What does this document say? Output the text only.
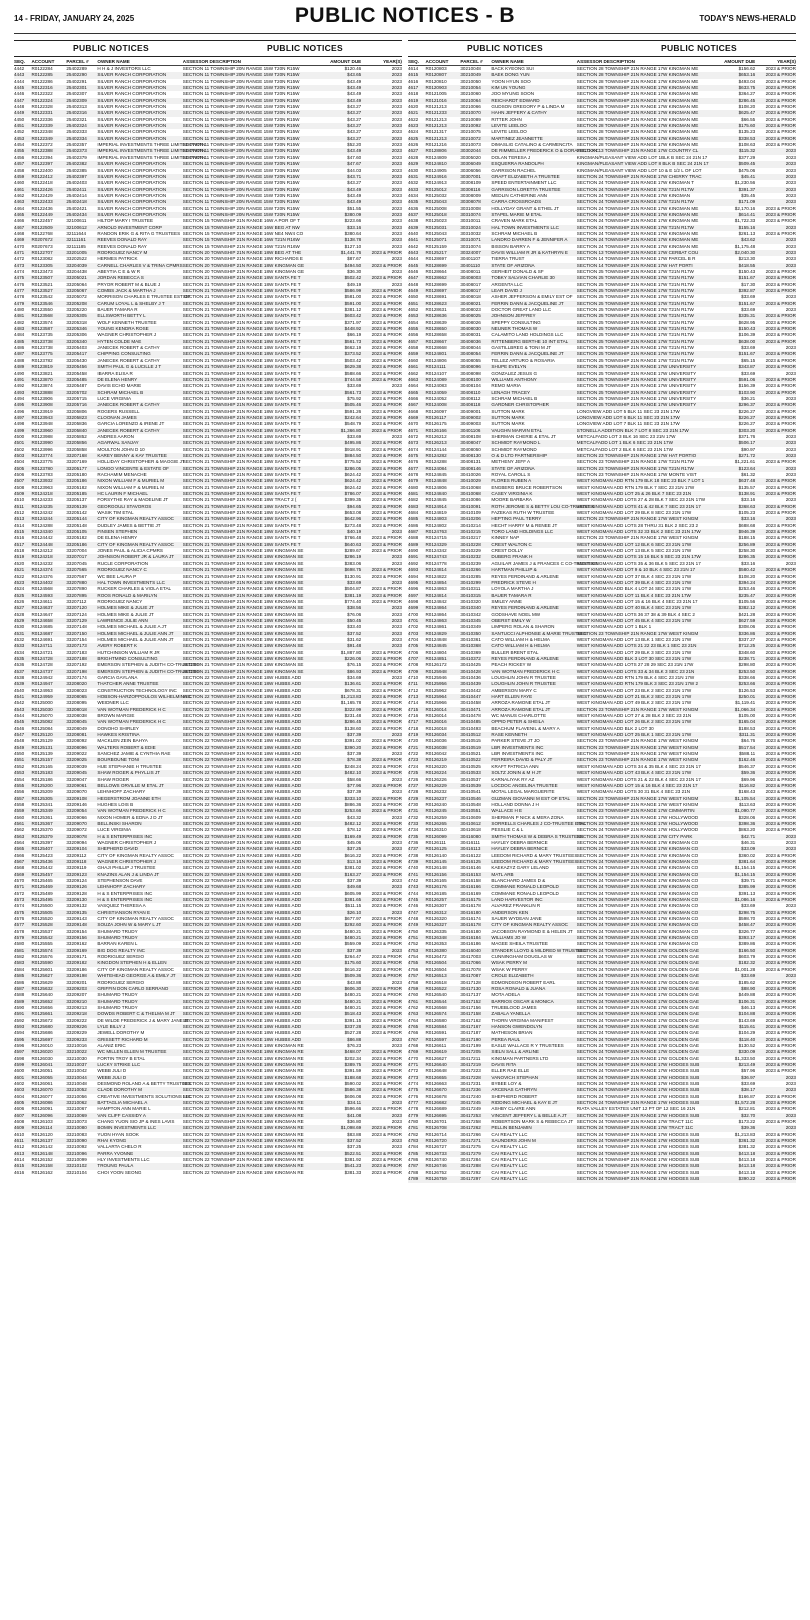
14 - FRIDAY, JANUARY 24, 2025	PUBLIC NOTICES - B	TODAY'S NEWS-HERALD
PUBLIC NOTICES	PUBLIC NOTICES
SEQ.	ACCOUNT	PARCEL #	OWNER NAME	ASSESSOR DESCRIPTION	AMOUNT DUE	YEAR(S)
4442	R0122284	25402289	H H & J INVESTORS LLC	SECTION 11 TOWNSHIP 20N RANGE 15W T20N R15W	$120.46	2023
4443	R0122285	25402290	SILVER RANCH CORPORATION	SECTION 11 TOWNSHIP 20N RANGE 15W T20N R15W	$43.65	2023
4444	R0122286	25402291	SILVER RANCH CORPORATION	SECTION 11 TOWNSHIP 20N RANGE 15W T20N R15W	$43.49	2023
4445	R0122316	25402301	SILVER RANCH CORPORATION	SECTION 11 TOWNSHIP 20N RANGE 15W T20N R15W	$43.49	2023
4446	R0122322	25402307	SILVER RANCH CORPORATION	SECTION 11 TOWNSHIP 20N RANGE 15W T20N R15W	$43.49	2023
4447	R0122324	25402309	SILVER RANCH CORPORATION	SECTION 11 TOWNSHIP 20N RANGE 15W T20N R15W	$43.49	2023
4448	R0122328	25402313	SILVER RANCH CORPORATION	SECTION 11 TOWNSHIP 20N RANGE 15W T20N R15W	$43.27	2023
4449	R0122331	25402316	SILVER RANCH CORPORATION	SECTION 11 TOWNSHIP 20N RANGE 15W T20N R15W	$43.27	2023
4450	R0122336	25402321	SILVER RANCH CORPORATION	SECTION 11 TOWNSHIP 20N RANGE 15W T20N R15W	$43.27	2023
4451	R0122339	25402324	SILVER RANCH CORPORATION	SECTION 11 TOWNSHIP 20N RANGE 15W T20N R15W	$43.27	2023
4452	R0122348	25402333	SILVER RANCH CORPORATION	SECTION 11 TOWNSHIP 20N RANGE 15W T20N R15W	$43.27	2023
4453	R0122349	25402334	SILVER RANCH CORPORATION	SECTION 11 TOWNSHIP 20N RANGE 15W T20N R15W	$43.27	2023
4454	R0122372	25402357	IMPERIAL INVESTMENTS THREE LIMITED PARTN
SECTION 11 TOWNSHIP 20N RANGE 15W T20N R15W	$52.20	2023
4455	R0122388	25402373	IMPERIAL INVESTMENTS THREE LIMITED PARTN
SECTION 11 TOWNSHIP 20N RANGE 15W T20N R15W	$43.49	2023
4456	R0122394	25402379	IMPERIAL INVESTMENTS THREE LIMITED PARTN
SECTION 11 TOWNSHIP 20N RANGE 15W T20N R15W	$47.60	2023
4457	R0122397	25402382	SILVER RANCH CORPORATION	SECTION 11 TOWNSHIP 20N RANGE 15W T20N R15W	$47.67	2023
4458	R0122400	25402385	SILVER RANCH CORPORATION	SECTION 11 TOWNSHIP 20N RANGE 15W T20N R15W	$44.03	2023
4459	R0122412	25402397	SILVER RANCH CORPORATION	SECTION 11 TOWNSHIP 20N RANGE 15W T20N R15W	$43.71	2023
4460	R0122418	25402403	SILVER RANCH CORPORATION	SECTION 11 TOWNSHIP 20N RANGE 15W T20N R15W	$43.27	2023
4461	R0122426	25402411	SILVER RANCH CORPORATION	SECTION 11 TOWNSHIP 20N RANGE 15W T20N R15W	$43.49	2023
4462	R0122429	25402414	SILVER RANCH CORPORATION	SECTION 11 TOWNSHIP 20N RANGE 15W T20N R15W	$43.49	2023
4463	R0122433	25402418	SILVER RANCH CORPORATION	SECTION 11 TOWNSHIP 20N RANGE 15W T20N R15W	$43.49	2023
4464	R0122436	25402421	SILVER RANCH CORPORATION	SECTION 11 TOWNSHIP 20N RANGE 15W T20N R15W	$51.55	2023
4465	R0122449	25402434	SILVER RANCH CORPORATION	SECTION 11 TOWNSHIP 20N RANGE 15W T20N R15W	$380.09	2023
4466	R0122457	32100611	HILTOP MARY I TRUSTEE	SECTION 15 TOWNSHIP 21N RANGE 16W A POR OF T	$223.66	2023
4467	R0122509	32100612	ARNOLD INVESTMENT CORP	SECTION 15 TOWNSHIP 21N RANGE 16W BEG AT NW	$33.16	2023
4468	R0122768	32111644	RANDON ERIK G & RITA G TRUSTEES SECTION 15 TOWNSHIP 21N RANGE 16W NE4 NW4 CO	$380.64	2023
4469	R0207672	32111161	REEVES DONALD RAY	SECTION 15 TOWNSHIP 21N RANGE 16W T21N R16W	$138.78	2023
4470	R0207673	32111185	REEVES DONALD RAY	SECTION 15 TOWNSHIP 21N RANGE 16W T21N R16W	$127.10	2023
4471	R0122707	33201005	RODRIGUEZ NANCY M	SECTION 20 TOWNSHIP 21N RANGE 18W BEG AT THE	$1,441.76	2023 & PRIOR
4472	R0123082	33202522	HERMES PATRICK	SECTION 20 TOWNSHIP 21N RANGE 18W RICHARDS E	$87.67	2023
4473	R0123305	33204039	CARNELL CHARLES V & TRINA CPMRS SECTION 20 TOWNSHIP 21N RANGE 18W KINGMAN GE	$494.50	2023 & PRIOR
4474	R0123473	33204438	ABEYTIA C E & W R	SECTION 20 TOWNSHIP 21N RANGE 18W KINGMAN GE	$36.30	2023
4475	R0123507	33205021	JORDAN REBECCA S	SECTION 21 TOWNSHIP 21N RANGE 18W SANTA FE T	$502.42	2023 & PRIOR
4476	R0123521	33205064	PRYOR ROBERT M & BLUE J	SECTION 21 TOWNSHIP 21N RANGE 18W SANTA FE T	$49.19	2023
4477	R0123527	33205067	COMBS JACK & MARTHA J	SECTION 21 TOWNSHIP 21N RANGE 18W SANTA FE T	$586.99	2023 & PRIOR
4478	R0123542	33205072	MORRISON CHARLES E TRUSTEE EST OF
SECTION 21 TOWNSHIP 21N RANGE 18W SANTA FE T	$581.00	2023 & PRIOR
4479	R0123546	33205208	CARUM LOYAL L & SHELBY J T	SECTION 21 TOWNSHIP 21N RANGE 18W SANTA FE T	$591.00	2023 & PRIOR
4480	R0123550	33205220	BAUER TAMARA R	SECTION 21 TOWNSHIP 21N RANGE 18W SANTA FE T	$381.12	2023 & PRIOR
4481	R0123568	33205305	ELLSWORTH BETTY L	SECTION 21 TOWNSHIP 21N RANGE 18W SANTA FE T	$603.42	2023 & PRIOR
4482	R0123574	33205318	WOLF KENNETH TRUSTEE	SECTION 21 TOWNSHIP 21N RANGE 18W SANTA FE T	$371.97	2023 & PRIOR
4483	R0123587	33205346	YOUNG KENDRA ROSE	SECTION 21 TOWNSHIP 21N RANGE 18W SANTA FE T	$448.92	2023 & PRIOR
4484	R0123735	33205306	WAGNER CHRISTOPHER J	SECTION 21 TOWNSHIP 21N RANGE 18W SANTA FE T	$66.19	2023 & PRIOR
4485	R0123738	33205340	HYTEN COLDE MAE	SECTION 21 TOWNSHIP 21N RANGE 18W SANTA FE T	$561.73	2023 & PRIOR
4486	R0123738	33205403	JANECEK ROBERT & CATHY	SECTION 21 TOWNSHIP 21N RANGE 18W SANTA FE T	$662.19	2023 & PRIOR
4487	R0123775	33205417	CHIPPING CONSULTING	SECTION 21 TOWNSHIP 21N RANGE 18W SANTA FE T	$373.52	2023 & PRIOR
4488	R0123782	33205430	JANECEK ROBERT & CATHY	SECTION 21 TOWNSHIP 21N RANGE 18W SANTA FE T	$503.42	2023 & PRIOR
4489	R0123819	33205456	SMITH PAUL G & LUCILLE J T	SECTION 21 TOWNSHIP 21N RANGE 18W SANTA FE T	$629.38	2023 & PRIOR
4490	R0123821	33205458	IBARRA ELISA R	SECTION 21 TOWNSHIP 21N RANGE 18W SANTA FE T	$588.66	2023 & PRIOR
4491	R0123870	33205485	DE ELENA HENRY	SECTION 21 TOWNSHIP 21N RANGE 18W SANTA FE T	$744.58	2023 & PRIOR
4492	R0123874	33205487	DAVIS ECHO MARIE	SECTION 21 TOWNSHIP 21N RANGE 18W SANTA FE T	$33.69	2023
4493	R0123888	33205702	SCHRAM MICHAEL B	SECTION 21 TOWNSHIP 21N RANGE 18W SANTA FE T	$561.73	2023 & PRIOR
4494	R0123906	33205715	LUCE VIRGINIA	SECTION 21 TOWNSHIP 21N RANGE 18W SANTA FE T	$75.92	2023 & PRIOR
4495	R0123908	33205716	JANECEK ROBERT & CATHY	SECTION 21 TOWNSHIP 21N RANGE 18W SANTA FE T	$505.46	2023 & PRIOR
4496	R0123919	33205806	ROGERS RUSSELL	SECTION 21 TOWNSHIP 21N RANGE 18W SANTA FE T	$591.26	2023 & PRIOR
4497	R0123943	33205823	CLOONAN JAMES	SECTION 21 TOWNSHIP 21N RANGE 18W SANTA FE T	$242.64	2023 & PRIOR
4498	R0123948	33205836	GARCIA LORENZO & IRENE JT	SECTION 21 TOWNSHIP 21N RANGE 18W SANTA FE T	$548.79	2023 & PRIOR
4499	R0123960	33205840	JANECEK ROBERT & CATHY	SECTION 21 TOWNSHIP 21N RANGE 18W SANTA FE T	$1,366.80	2023 & PRIOR
4500	R0123988	33205852	ANDRES AARON	SECTION 21 TOWNSHIP 21N RANGE 18W SANTA FE T	$33.69	2023
4501	R0123990	33205856	AGARWAL SANJAY	SECTION 21 TOWNSHIP 21N RANGE 18W SANTA FE T	$495.86	2023 & PRIOR
4502	R0123996	33205858	MOULTON JOHN D 10	SECTION 21 TOWNSHIP 21N RANGE 18W SANTA FE T	$918.91	2023 & PRIOR
4503	R0123774	33207168	KAREY BENNY & KAY TRUSTEE	SECTION 21 TOWNSHIP 21N RANGE 18W SANTA FE T	$884.50	2023 & PRIOR
4504	R0123775	33207169	HOLLIDAY CHRISTOPHER & MAGGIE JT
SECTION 21 TOWNSHIP 21N RANGE 18W SANTA FE T	$775.52	2023 & PRIOR
4505	R0123780	33205177	LONGO VINCENTE & ESTATE OF	SECTION 21 TOWNSHIP 21N RANGE 18W SANTA FE T	$286.05	2023 & PRIOR
4506	R0123783	33205180	RACHAMIM MENACHE	SECTION 21 TOWNSHIP 21N RANGE 18W SANTA FE T	$624.42	2023 & PRIOR
4507	R0123932	33205186	NIXON WILLIAM F & MURIEL M	SECTION 21 TOWNSHIP 21N RANGE 18W SANTA FE T	$624.42	2023 & PRIOR
4508	R0123963	33205182	NIXON WILLIAM F & MURIEL M	SECTION 21 TOWNSHIP 21N RANGE 18W SANTA FE T	$624.42	2023 & PRIOR
4509	R0124218	33205185	HC LAURIN F MICHAEL	SECTION 21 TOWNSHIP 21N RANGE 18W SANTA FE T	$786.07	2023 & PRIOR
4510	R0124233	33205137	FORSYTHE RAY & MADELINE JT	SECTION 21 TOWNSHIP 21N RANGE 18W TRACT 2 (	$399.35	2023 & PRIOR
4511	R0124235	33205139	GEORGOULI STAVOROS	SECTION 21 TOWNSHIP 21N RANGE 18W SANTA FE T	$94.65	2023 & PRIOR
4512	R0124242	33205142	WASIK TIM ETAL	SECTION 21 TOWNSHIP 21N RANGE 18W SANTA FE T	$653.08	2023 & PRIOR
4513	R0124244	33205144	CITY OF KINGMAN REALTY ASSOC	SECTION 21 TOWNSHIP 21N RANGE 18W SANTA FE T	$642.96	2023 & PRIOR
4514	R0124288	33205148	DUDLEY JAMES & BETTIE JT	SECTION 21 TOWNSHIP 21N RANGE 18W SANTA FE T	$273.48	2023 & PRIOR
4515	R0124340	33205105	FINSEN STEPHEN	SECTION 21 TOWNSHIP 21N RANGE 18W SANTA FE T	$40.19	2023
4516	R0124442	33205182	DE ELENA HENRY	SECTION 21 TOWNSHIP 21N RANGE 18W SANTA FE T	$766.48	2023 & PRIOR
4517	R0124448	33205186	CITY OF KINGMAN REALTY ASSOC	SECTION 21 TOWNSHIP 21N RANGE 18W SANTA FE T	$640.63	2023 & PRIOR
4518	R0124212	33207004	JONES PAUL & ALICIA CPMRS	SECTION 21 TOWNSHIP 21N RANGE 18W KINGMAN SE	$289.67	2023 & PRIOR
4519	R0124218	33207017	JOHNSON ROBERT JR & LAURA JT	SECTION 21 TOWNSHIP 21N RANGE 18W KINGMAN SE	$286.19	2023
4520	R0124232	33207045	RUCLE CORPORATION	SECTION 21 TOWNSHIP 21N RANGE 18W KINGMAN SE	$383.06	2023
4521	R0124374	33207565	RODRIGUEZ NANCY C	SECTION 21 TOWNSHIP 21N RANGE 18W KINGMAN SE	$698.75	2023 & PRIOR
4522	R0124376	33207567	WC BEE LAURA P	SECTION 21 TOWNSHIP 21N RANGE 18W KINGMAN SE	$130.91	2023 & PRIOR
4523	R0124402	33207880	HAL TOWN INVESTMENTS LLC	SECTION 21 TOWNSHIP 21N RANGE 18W KINGMAN SE	$33.69	2023
4524	R0124568	33207890	RUCKER CHARLES & VIOLA ETAL	SECTION 21 TOWNSHIP 21N RANGE 18W KINGMAN SE	$504.87	2023 & PRIOR
4525	R0124593	33207895	ROOS RONALD & MARILYN	SECTION 21 TOWNSHIP 21N RANGE 18W KINGMAN SE	$381.19	2023 & PRIOR
4526	R0124611	33207112	RODRIGUEZ NANCY	SECTION 21 TOWNSHIP 21N RANGE 18W KINGMAN SE	$774.40	2023 & PRIOR
4527	R0124637	33207120	HOLMES MIKE & JULIE JT	SECTION 21 TOWNSHIP 21N RANGE 18W KINGMAN SE	$38.56	2023
4528	R0124647	33207124	HOLMES MIKE & JULIE JT	SECTION 21 TOWNSHIP 21N RANGE 18W KINGMAN SE	$76.06	2023
4529	R0124658	33207129	LAWRENCE JULIE ANN	SECTION 21 TOWNSHIP 21N RANGE 18W KINGMAN SE	$50.45	2023
4530	R0124685	33207148	HOLMES MICHAEL & JULIE A JT	SECTION 21 TOWNSHIP 21N RANGE 18W KINGMAN SE	$33.40	2023
4531	R0124687	33207150	HOLMES MICHAEL & JULIE ANN JT	SECTION 21 TOWNSHIP 21N RANGE 18W KINGMAN SE	$37.52	2023
4532	R0124691	33207154	HOLMES MICHAEL & JULIE ANN JT	SECTION 21 TOWNSHIP 21N RANGE 18W KINGMAN SE	$31.62	2023
4533	R0124711	33207173	AVERY ROBERT K	SECTION 21 TOWNSHIP 21N RANGE 18W KINGMAN SE	$91.48	2023
4534	R0124721	33207183	HUTCHINSON WILLIAM R JR	SECTION 21 TOWNSHIP 21N RANGE 18W KINGMAN SE	$1,887.80	2023 & PRIOR
4535	R0124728	33207188	BRIGHTMIND CONSULTING	SECTION 21 TOWNSHIP 21N RANGE 18W KINGMAN SE	$226.06	2023 & PRIOR
4536	R0124728	33207192	EMERSON STEPHEN & JUDITH CO-TRUSTEES
SECTION 21 TOWNSHIP 21N RANGE 18W KINGMAN SE	$76.15	2023 & PRIOR
4537	R0124737	33207198	EMERSON STEPHEN & JUDITH CO-TRUSTEES
SECTION 21 TOWNSHIP 21N RANGE 18W KINGMAN SE	$86.93	2023 & PRIOR
4538	R0124942	33207174	GARCIA GAYLANA	SECTION 22 TOWNSHIP 21N RANGE 18W HUBBS ADD	$34.69	2023
4539	R0124947	33208020	THATCHER ANNE TRUSTEE	SECTION 22 TOWNSHIP 21N RANGE 18W HUBBS ADD	$136.61	2023 & PRIOR
4540	R0124953	33208023	CONSTRUCTION TECHNOLOGY INC	SECTION 22 TOWNSHIP 21N RANGE 18W HUBBS ADD	$678.31	2023 & PRIOR
4541	R0124959	33208065	HOBSON-HARZOPPOULOS WILHELMINA C
SECTION 22 TOWNSHIP 21N RANGE 18W HUBBS ADD	$1,213.83	2023 & PRIOR
4542	R0125000	33208095	WEIDNER LLC	SECTION 22 TOWNSHIP 21N RANGE 18W HUBBS ADD	$1,165.78	2023 & PRIOR
4543	R0125030	33208018	VAN WOTMAN FREDERICK H C	SECTION 22 TOWNSHIP 21N RANGE 18W HUBBS ADD	$322.99	2023 & PRIOR
4544	R0125070	33208038	BROWN MARGIE	SECTION 22 TOWNSHIP 21N RANGE 18W HUBBS ADD	$231.48	2023 & PRIOR
4545	R0125082	33208045	VAN WOTMAN FREDERICK H C	SECTION 22 TOWNSHIP 21N RANGE 18W HUBBS ADD	$286.45	2023 & PRIOR
4546	R0125084	33208049	DONOHO SHIRLEY	SECTION 22 TOWNSHIP 21N RANGE 18W HUBBS ADD	$138.60	2023 & PRIOR
4547	R0125120	33208081	HAWKES KRISTINA	SECTION 22 TOWNSHIP 21N RANGE 18W HUBBS ADD	$37.39	2023
4548	R0125129	33208092	MACKLEN ZEIN BAHYA	SECTION 22 TOWNSHIP 21N RANGE 18W HUBBS ADD	$391.02	2023 & PRIOR
4549	R0125131	33208096	WALTERS ROBERT & EDIE	SECTION 22 TOWNSHIP 21N RANGE 18W HUBBS ADD	$390.20	2023 & PRIOR
4550	R0125139	33209022	SANCHEZ JAMIE & CYNTHIA RAE	SECTION 22 TOWNSHIP 21N RANGE 18W HUBBS ADD	$37.39	2023
4551	R0125157	33209025	BOURBOUNE TONI	SECTION 22 TOWNSHIP 21N RANGE 18W HUBBS ADD	$78.38	2023 & PRIOR
4552	R0125165	33209039	HUE STEPHANIE H TRUSTEE	SECTION 22 TOWNSHIP 21N RANGE 18W HUBBS ADD	$248.24	2023 & PRIOR
4553	R0125183	33209045	SHAW ROGER & PHYLLIS JT	SECTION 22 TOWNSHIP 21N RANGE 18W HUBBS ADD	$482.10	2023 & PRIOR
4554	R0125186	33209047	SHAW ROGER	SECTION 22 TOWNSHIP 21N RANGE 18W HUBBS ADD	$58.66	2023
4555	R0125200	33209061	BELLOWS ORVILLE M ETAL JT	SECTION 22 TOWNSHIP 21N RANGE 18W HUBBS ADD	$77.96	2023 & PRIOR
4556	R0125209	33209070	LEHNHOFF ZACHARY	SECTION 22 TOWNSHIP 21N RANGE 18W HUBBS ADD	$37.39	2023
4557	R0125305	33209108	HEGERSTROM JOANNE ETH	SECTION 22 TOWNSHIP 21N RANGE 18W HUBBS ADD	$333.10	2023 & PRIOR
4558	R0125341	33209146	HUGHES LOIS B	SECTION 22 TOWNSHIP 21N RANGE 18W HUBBS ADD	$886.36	2023 & PRIOR
4559	R0125349	33209054	VAN WOTMAN FREDERICK H C	SECTION 22 TOWNSHIP 21N RANGE 18W HUBBS ADD	$253.66	2023 & PRIOR
4560	R0125361	33209066	NIXON HOMER & EDNA J D JT	SECTION 22 TOWNSHIP 21N RANGE 18W HUBBS ADD	$43.32	2023
4561	R0125367	33209070	BELLINSKI SHARON	SECTION 22 TOWNSHIP 21N RANGE 18W HUBBS ADD	$482.12	2023 & PRIOR
4562	R0125370	33209072	LUCE VIRGINIA	SECTION 22 TOWNSHIP 21N RANGE 18W HUBBS ADD	$78.12	2023 & PRIOR
4563	R0125379	33209078	H & S ENTERPRISES INC	SECTION 22 TOWNSHIP 21N RANGE 18W HUBBS ADD	$169.49	2023 & PRIOR
4564	R0125397	33209094	WAGNER CHRISTOPHER J	SECTION 22 TOWNSHIP 21N RANGE 18W HUBBS ADD	$45.06	2023
4565	R0125407	33209104	SHEPHERD DAVID	SECTION 22 TOWNSHIP 21N RANGE 18W HUBBS ADD	$37.25	2023
4566	R0125423	33209112	CITY OF KINGMAN REALTY ASSOC	SECTION 22 TOWNSHIP 21N RANGE 18W HUBBS ADD	$616.22	2023 & PRIOR
4567	R0125436	33209118	WAGNER CHRISTOPHER J	SECTION 22 TOWNSHIP 21N RANGE 18W HUBBS ADD	$13.16	2023 & PRIOR
4568	R0125442	33209119	GHAJI PHILLIP J TRUSTEE	SECTION 22 TOWNSHIP 21N RANGE 18W HUBBS ADD	$381.02	2023 & PRIOR
4569	R0125457	33209123	KNAZINS ALAN J & LINDA JT	SECTION 22 TOWNSHIP 21N RANGE 18W HUBBS ADD	$163.27	2023 & PRIOR
4570	R0125465	33209124	STEPHENSON DAVE	SECTION 22 TOWNSHIP 21N RANGE 18W HUBBS ADD	$37.39	2023
4571	R0125469	33209126	LEHNHOFF ZACHARY	SECTION 22 TOWNSHIP 21N RANGE 18W HUBBS ADD	$49.68	2023
4572	R0125489	33209128	H & S ENTERPRISES INC	SECTION 22 TOWNSHIP 21N RANGE 18W HUBBS ADD	$605.99	2023 & PRIOR
4573	R0125495	33209130	H & S ENTERPRISES INC	SECTION 22 TOWNSHIP 21N RANGE 18W HUBBS ADD	$381.65	2023 & PRIOR
4574	R0125500	33209132	VASQUEZ THERESA A	SECTION 22 TOWNSHIP 21N RANGE 18W HUBBS ADD	$511.15	2023 & PRIOR
4575	R0125505	33209135	CHRISTIANSON RYAN E	SECTION 22 TOWNSHIP 21N RANGE 18W HUBBS ADD	$26.10	2023
4576	R0125520	33209143	CITY OF KINGMAN REALTY ASSOC	SECTION 22 TOWNSHIP 21N RANGE 18W HUBBS ADD	$677.97	2023 & PRIOR
4577	R0125528	33209148	SOUZA JOHN W & MARY L JT	SECTION 22 TOWNSHIP 21N RANGE 18W HUBBS ADD	$292.60	2023 & PRIOR
4578	R0125537	33209154	SHUMARD TRUDY	SECTION 22 TOWNSHIP 21N RANGE 18W HUBBS ADD	$480.21	2023 & PRIOR
4579	R0125542	33209156	SHUMARD TRUDY	SECTION 22 TOWNSHIP 21N RANGE 18W HUBBS ADD	$480.21	2023 & PRIOR
4580	R0125555	33209162	BARRAN KAREN L	SECTION 22 TOWNSHIP 21N RANGE 18W HUBBS ADD	$559.09	2023 & PRIOR
4581	R0125574	33209169	BIG DOG REALTY INC	SECTION 22 TOWNSHIP 21N RANGE 18W HUBBS ADD	$37.39	2023
4582	R0125576	33209171	RODRIGUEZ SERGIO	SECTION 22 TOWNSHIP 21N RANGE 18W HUBBS ADD	$264.47	2023 & PRIOR
4583	R0125590	33209182	KINGDON STEPHEN H & ELLEN	SECTION 22 TOWNSHIP 21N RANGE 18W HUBBS ADD	$175.60	2023 & PRIOR
4584	R0125601	33209186	CITY OF KINGMAN REALTY ASSOC	SECTION 22 TOWNSHIP 21N RANGE 18W HUBBS ADD	$616.22	2023 & PRIOR
4585	R0125627	33209198	WHITEHEAD GEORGE A & EMILY JT	SECTION 22 TOWNSHIP 21N RANGE 18W HUBBS ADD	$509.36	2023 & PRIOR
4586	R0125629	33209201	RODRIGUEZ SERGIO	SECTION 22 TOWNSHIP 21N RANGE 18W HUBBS ADD	$43.88	2023
4587	R0125632	33209203	GRIFFIN DON CARLO SERRANO	SECTION 22 TOWNSHIP 21N RANGE 18W HUBBS ADD	$606.30	2023 & PRIOR
4588	R0125640	33209207	SHUMARD TRUDY	SECTION 22 TOWNSHIP 21N RANGE 18W HUBBS ADD	$480.21	2023 & PRIOR
4589	R0125652	33209210	SHUMARD TRUDY	SECTION 22 TOWNSHIP 21N RANGE 18W HUBBS ADD	$480.21	2023 & PRIOR
4590	R0125656	33209213	SHUMARD TRUDY	SECTION 22 TOWNSHIP 21N RANGE 18W HUBBS ADD	$480.21	2023 & PRIOR
4591	R0125661	33209218	DOWDS ROBERT C & THELMA M JT	SECTION 22 TOWNSHIP 21N RANGE 18W HUBBS ADD	$518.43	2023 & PRIOR
4592	R0125672	33209222	DE WILDE FREDERICK J & MARY JANE JT
SECTION 22 TOWNSHIP 21N RANGE 18W HUBBS ADD	$391.15	2023 & PRIOR
4593	R0125680	33209226	LYLE BILLY J	SECTION 22 TOWNSHIP 21N RANGE 18W HUBBS ADD	$337.28	2023 & PRIOR
4594	R0125686	33209229	JEWELL DOROTHY M	SECTION 22 TOWNSHIP 21N RANGE 18W HUBBS ADD	$527.28	2023 & PRIOR
4595	R0125697	33209233	GRISSETT RICHARD M	SECTION 22 TOWNSHIP 21N RANGE 18W HUBBS ADD	$86.88	2023
4596	R0126010	33210016	ALANIZ ERIC	SECTION 22 TOWNSHIP 21N RANGE 18W KINGMAN RE	$76.23	2023
4597	R0126020	33210022	WC MILLEN ELLEN M TRUSTEE	SECTION 22 TOWNSHIP 21N RANGE 18W KINGMAN RE	$468.07	2023 & PRIOR
4598	R0126030	33210030	FORTIN TROY B ETAL	SECTION 22 TOWNSHIP 21N RANGE 18W KINGMAN RE	$202.34	2023 & PRIOR
4599	R0126041	33210037	LUCKY STRIKE LLC	SECTION 22 TOWNSHIP 21N RANGE 18W KINGMAN RE	$389.75	2023 & PRIOR
4600	R0126051	33210042	WEBB JULI D	SECTION 22 TOWNSHIP 21N RANGE 18W KINGMAN RE	$391.59	2023 & PRIOR
4601	R0126055	33210044	WEBB JULI D	SECTION 22 TOWNSHIP 21N RANGE 18W KINGMAN RE	$188.68	2023 & PRIOR
4602	R0126061	33210048	DESMOND ROLAND A & BETTY TRUSTEES
SECTION 22 TOWNSHIP 21N RANGE 18W KINGMAN RE	$590.02	2023 & PRIOR
4603	R0126070	33210052	CLADE DOROTHY M	SECTION 22 TOWNSHIP 21N RANGE 18W KINGMAN RE	$586.38	2023 & PRIOR
4604	R0126077	33210056	CREATIVE INVESTMENTS SOLUTIONS LLC
SECTION 22 TOWNSHIP 21N RANGE 18W KINGMAN RE	$606.08	2023 & PRIOR
4605	R0126086	33210062	BATTAGLIA MICHAEL A	SECTION 22 TOWNSHIP 21N RANGE 18W KINGMAN RE	$34.11	2023
4606	R0126091	33210067	HAMPTON ANN MARIE L	SECTION 22 TOWNSHIP 21N RANGE 18W KINGMAN RE	$596.66	2023 & PRIOR
4607	R0126096	33210069	VAN CLIFF CASSIDY A	SECTION 22 TOWNSHIP 21N RANGE 18W KINGMAN RE	$41.08	2023
4608	R0126103	33210073	CHANG YUON SIO JP & INES LAVIS	SECTION 22 TOWNSHIP 21N RANGE 18W KINGMAN RE	$36.80	2023
4609	R0126114	33210080	BOMIN INVESTMENTS LLC	SECTION 22 TOWNSHIP 21N RANGE 18W KINGMAN RE	$1,098.69	2023 & PRIOR
4610	R0126120	33210083	YUON HYAN SOOK	SECTION 22 TOWNSHIP 21N RANGE 18W KINGMAN RE	$83.88	2023 & PRIOR
4611	R0126137	33210090	RHAI KYONG	SECTION 22 TOWNSHIP 21N RANGE 18W KINGMAN RE	$37.52	2023
4612	R0126142	33210092	VALLARTA CHELO R	SECTION 22 TOWNSHIP 21N RANGE 18W KINGMAN RE	$37.25	2023
4613	R0126148	33210096	PARRA YVONNE	SECTION 22 TOWNSHIP 21N RANGE 18W KINGMAN RE	$522.51	2023 & PRIOR
4614	R0126152	33210099	HLY INVESTMENTS LLC	SECTION 22 TOWNSHIP 21N RANGE 18W KINGMAN RE	$381.92	2023 & PRIOR
4615	R0126158	33210102	TROUNG PAULA	SECTION 22 TOWNSHIP 21N RANGE 18W KINGMAN RE	$541.23	2023 & PRIOR
4616	R0126162	33210104	CHOI YOON SEONG	SECTION 22 TOWNSHIP 21N RANGE 18W KINGMAN RE	$381.33	2023 & PRIOR
PUBLIC NOTICES	PUBLIC NOTICES
SEQ.	ACCOUNT	PARCEL #	OWNER NAME	ASSESSOR DESCRIPTION	AMOUNT DUE	YEAR(S)
4614	R0120803	30210048	BACK KYEONG SUI	SECTION 28 TOWNSHIP 21N RANGE 17W KINGMAN ME	$156.62	2023 & PRIOR
4615	R0120807	30210049	BAEK DONG YUN	SECTION 28 TOWNSHIP 21N RANGE 17W KINGMAN ME	$653.16	2023 & PRIOR
4616	R0120810	30210050	YOON HYUN SOO	SECTION 28 TOWNSHIP 21N RANGE 17W KINGMAN ME	$493.04	2023 & PRIOR
4617	R0120903	30210054	KIM UN YOUNG	SECTION 28 TOWNSHIP 21N RANGE 17W KINGMAN ME	$633.75	2023 & PRIOR
4618	R0121005	30210060	JOO MYUNG SOON	SECTION 28 TOWNSHIP 21N RANGE 17W KINGMAN ME	$364.27	2023 & PRIOR
4619	R0121016	30210064	REICHARDT EDWARD	SECTION 28 TOWNSHIP 21N RANGE 17W KINGMAN ME	$286.45	2023 & PRIOR
4620	R0121213	30210066	GUDSON GREGORY P & LINDA M	SECTION 28 TOWNSHIP 21N RANGE 17W KINGMAN ME	$108.20	2023 & PRIOR
4621	R0121233	30210070	HAHN JEFFERY & CATHY	SECTION 28 TOWNSHIP 21N RANGE 17W KINGMAN ME	$625.47	2023 & PRIOR
4622	R0121213	30210089	RITTER JOHN	SECTION 28 TOWNSHIP 21N RANGE 17W KINGMAN ME	$66.55	2023 & PRIOR
4623	R0121213	30210092	LEVITE LEELOO	SECTION 28 TOWNSHIP 21N RANGE 17W KINGMAN ME	$175.60	2023 & PRIOR
4624	R0121317	30210075	LEVITE LEELOO	SECTION 28 TOWNSHIP 21N RANGE 17W KINGMAN ME	$135.23	2023 & PRIOR
4625	R0121213	30210072	MARTINEZ JEANNETTE	SECTION 28 TOWNSHIP 21N RANGE 17W KINGMAN ME	$338.53	2023 & PRIOR
4626	R0121216	30210073	DIMASLIG CATALINO & CARMENCITA SECTION 28 TOWNSHIP 21N RANGE 17W KINGMAN ME	$108.63	2023 & PRIOR
4627	R0128806	30302044	DE RIMMELLER FREDERICK O & DORAFIELD A C
SECTION 13 TOWNSHIP 21N RANGE 17W COUNTRY CL	$115.32	2023
4628	R0124809	30305020	DOLAN TERESA J	KINGMAN/PLEASANT VIEW ADD LOT 1BLK B SEC 24 21N 17	$377.29	2023
4629	R0124810	30306049	ESQUERRA RANDOLPH	KINGMAN/PLEASANT VIEW ADD LOT 8 BLK B SEC 24 21N 17	$509.45	2023
4630	R0124905	30306056	GARRISON RACHEL	KINGMAN/PLEASANT VIEW ADD LOT 10 & E 1/2 L OF LOT	$475.06	2023
4631	R0124916	30307001	GRAFT ELIZABETH A TRUSTEE	SECTION 24 TOWNSHIP 21N RANGE 17W CHERRY TRAC	$45.41	2023
4632	R0124913	30308109	SPEED ENTERTAINMENT LLC	SECTION 24 TOWNSHIP 21N RANGE 17W KINGMAN T	$1,230.56	2023
4633	R0125012	30308116	GARRISON LORETTA TRUSTEE	SECTION 24 TOWNSHIP 21N RANGE 17W T21N R17W	$391.37	2023
4634	R0125032	30308009	MEDLIN CATHERINE ANN	SECTION 24 TOWNSHIP 21N RANGE 17W KINGMAN	$35.45	2023
4635	R0125043	30308078	CARRA CROSSROADS	SECTION 24 TOWNSHIP 21N RANGE 17W T21N R17W	$171.09	2023
4636	R0125008	30310008	HOLLYDAY GRANT & ETHEL JT	SECTION 24 TOWNSHIP 21N RANGE 17W KINGMAN ME	$2,170.16	2023 & PRIOR
4637	R0125018	30310074	STAPEL MARIE M ETAL	SECTION 24 TOWNSHIP 21N RANGE 17W KINGMAN ME	$614.41	2023 & PRIOR
4638	R0125023	30310011	CRAVEN MARK ETAL	SECTION 24 TOWNSHIP 21N RANGE 17W KINGMAN ME	$1,722.33	2023 & PRIOR
4639	R0125031	30310024	HAL TOWN INVESTMENTS LLC	SECTION 24 TOWNSHIP 21N RANGE 17W T21N R17W	$155.16	2023
4640	R0125043	30310032	SCHRAM MICHAEL B	SECTION 24 TOWNSHIP 21N RANGE 17W KINGMAN ME	$261.13	2023 & PRIOR
4641	R0125071	30310071	LANDRO DARREN F & JENNIFER A	SECTION 24 TOWNSHIP 21N RANGE 17W KINGMAN ME	$43.62	2023
4642	R0125159	30310074	BISSON BARRY A	SECTION 24 TOWNSHIP 21N RANGE 17W KINGMAN ME	$1,175.48	2023
4643	R0125217	30324007	DAVIS WILLIAM R JR & KATHRYN E	SECTION 13 TOWNSHIP 21N RANGE 17W CERBAT COU	$2,040.30	2023
4644	R0128697	30401107	TIERRA TRUST	SECTION 14 TOWNSHIP 21N RANGE 17W PARCEL B R	$213.30	2023
4645	R0128699	30401110	STATE OF ARIZONA	SECTION 14 TOWNSHIP 21N RANGE 17W HAT PORTI	$418.55	2023
4646	R0128664	30408011	GERHEIT DONALD & SF	SECTION 25 TOWNSHIP 21N RANGE 17W T21N R17W	$150.43	2023 & PRIOR
4647	R0128662	30408003	TOBKY SALVIAN CHARLIE 30	SECTION 25 TOWNSHIP 21N RANGE 17W T21N R17W	$151.67	2023 & PRIOR
4648	R0128699	30408017	ARGENTA LLC	SECTION 25 TOWNSHIP 21N RANGE 17W T21N R17W	$17.30	2023 & PRIOR
4649	R0128697	30408017	LEAR DAVID J	SECTION 25 TOWNSHIP 21N RANGE 17W T21N R17W	$392.87	2023 & PRIOR
4650	R0128691	30408018	ASHER JEFFERSON & EMILY EST OF SECTION 25 TOWNSHIP 21N RANGE 17W T21N R17W	$33.69	2023
4651	R0128623	30408021	FERRIN DANN & JACQUELINE JT	SECTION 25 TOWNSHIP 21N RANGE 17W T21N R17W	$151.67	2023 & PRIOR
4652	R0128631	30408023	DOCTOR GREAT LAND LLC	SECTION 25 TOWNSHIP 21N RANGE 17W T21N R17W	$33.69	2023
4653	R0128636	30408025	JOHNSON JEFFREY	SECTION 25 TOWNSHIP 21N RANGE 17W T21N R17W	$335.31	2023 & PRIOR
4654	R0128639	30408026	SPEPPY CONSULTING	SECTION 25 TOWNSHIP 21N RANGE 17W T21N R17W	$628.95	2023 & PRIOR
4655	R0128650	30408030	NEUNER THOMAS W	SECTION 25 TOWNSHIP 21N RANGE 17W T21N R17W	$150.43	2023 & PRIOR
4656	R0128658	30408031	CALAMITO LAND HOLDINGS LLC	SECTION 25 TOWNSHIP 21N RANGE 17W T21N R17W	$106.39	2023 & PRIOR
4657	R0128667	30408036	RITTENBERG BERTHE 10 INT ETAL	SECTION 25 TOWNSHIP 21N RANGE 17W T21N R17W	$638.00	2023 & PRIOR
4658	R0128668	30408044	GASTILLBREG & TONI M JT	SECTION 25 TOWNSHIP 21N RANGE 17W T21N R17W	$33.69	2023
4659	R0124801	30408054	FERRIN DANN & JACQUELINE JT	SECTION 25 TOWNSHIP 21N RANGE 17W T21N R17W	$151.67	2023 & PRIOR
4660	R0124806	30408055	TELLEZ ARTURO & ROSARIA	SECTION 25 TOWNSHIP 21N RANGE 17W T21N R17W	$65.15	2023 & PRIOR
4661	R0124111	30408096	SHUPE EVELYN	SECTION 25 TOWNSHIP 21N RANGE 17W UNIVERSITY	$343.87	2023 & PRIOR
4662	R0124107	30408098	GONZALEZ JESUS G	SECTION 25 TOWNSHIP 21N RANGE 17W UNIVERSITY	$33.69	2023
4663	R0124089	30408100	WILLIAMS ANTHONY	SECTION 25 TOWNSHIP 21N RANGE 17W UNIVERSITY	$591.06	2023 & PRIOR
4664	R0124083	30408104	REMO MARIA	SECTION 25 TOWNSHIP 21N RANGE 17W UNIVERSITY	$156.39	2023 & PRIOR
4665	R0124059	30408110	LENAGH TRACEY	SECTION 25 TOWNSHIP 21N RANGE 17W UNIVERSITY	$103.90	2023 & PRIOR
4666	R0124052	30408112	SCHRAM MICHAEL B	SECTION 25 TOWNSHIP 21N RANGE 17W UNIVERSITY	$36.21	2023
4667	R0124008	30408118	GARDNER CHRISTOPHER	SECTION 25 TOWNSHIP 21N RANGE 17W UNIVERSITY	$296.37	2023 & PRIOR
4668	R0126097	30409001	SUTTON MARK	LONGVIEW ADD LOT 5 BLK 11 SEC 23 21N 17W	$226.27	2023 & PRIOR
4669	R0126117	30409002	SUTTON MARK	LONGVIEW ADD LOT 6 BLK 11 SEC 23 21N 17W	$226.27	2023 & PRIOR
4670	R0126175	30409003	SUTTON MARK	LONGVIEW ADD LOT 7 BLK 11 SEC 23 21N 17W	$226.27	2023 & PRIOR
4671	R0126166	30401106	VAUGHN MARVIN ETAL	STONELLA ADDITION BLK 7 LOT 8 SEC 23 21N 17W	$303.20	2023 & PRIOR
4672	R0126212	30408108	SHERMAN CHERIE & ETAL JT	METCALFADD LOT 3 BLK 16 SEC 23 21N 17W	$371.76	2023
4673	R0126213	30408047	SCHMIDT RAYMOND L	METCALFADD LOT 1 BLK 6 SEC 23 21N 17W	$506.17	2023
4674	R0124144	30408050	SCHMIDT RAYMOND	METCALFADD LOT 2 BLK 6 SEC 23 21N 17W	$90.97	2023
4675	R0124282	30408130	O & D LTD PARTNERSHIP	SECTION 23 TOWNSHIP 21N RANGE 17W HAT PORTIO	$271.72	2023
4676	R0124288	30408131	METHENY JEFF A	SECTION 23 TOWNSHIP 21N RANGE 17W T21N R17W	$1,221.61	2023 & PRIOR
4677	R0124084	30408146	STATE OF ARIZONA	SECTION 23 TOWNSHIP 21N RANGE 17W T21N R17W	$123.64	2023
4678	R0124845	30410026	ROYAL CAROLL S	SECTION 23 TOWNSHIP 21N RANGE 17W MONTE VIST	$61.32	2023
4679	R0124848	30410029	FLORES RUBEN A	WEST KINGMAN ADD RTN 179 BLK 18 SEC 23 BLK 7 LOT 1	$637.48	2023 & PRIOR
4680	R0124806	30410068	ENGBERG BRUCE ROBERTSON	WEST KINGMAN ADD RTN 179 BLK 7 SEC 23 21N 17W	$135.57	2023 & PRIOR
4681	R0124840	30410068	CASEY VIRGINIA K	WEST KINGMAN ADD LOT 25 & 26 BLK 7 SEC 23 21N	$138.91	2023 & PRIOR
4682	R0124845	30410086	MOORE BARBARA	WEST KINGMAN ADD LOTS 27 & 28 BLK 7 SEC 23 21N 17W	$33.16	2023
4683	R0124914	30410091	ROTH JEROME S & BETTY LOU CO-TRUSTEES
WEST KINGMAN ADD LOTS 41 & 42 BLK 7 SEC 23 21N 17	$368.63	2023 & PRIOR
4684	R0124819	30410109	FAZEKAS RUTH W TRUSTEE	WEST KINGMAN ADD LOT 29 BLK 8 SEC 23 21N 17W	$105.23	2023 & PRIOR
4685	R0124803	30410206	HEPTING PAUL TERRY	SECTION 23 TOWNSHIP 21N RANGE 17W WEST KINGM	$33.16	2023
4686	R0124802	30410214	HECHT HARRY M & RENEE JT	WEST KINGMAN ADD LOTS 28 THRU 31 BLK 2 SEC 23 2	$688.68	2023 & PRIOR
4687	R0124763	30410215	TORO LAND HOLDINGS LLC	WEST KINGMAN ADD LOTS 32 33 BLK 2 SEC 23 21N 17W	$946.39	2023 & PRIOR
4688	R0124715	30410217	KINNEY NAP	SECTION 23 TOWNSHIP 21N RANGE 17W WEST KINGM	$188.15	2023 & PRIOR
4689	R0124329	30410228	CREST WALTON C	WEST KINGMAN ADD LOT 12 BLK 6 SEC 23 21N 17W	$256.89	2023 & PRIOR
4690	R0124342	30410229	CREST DOLLY	WEST KINGMAN ADD LOT 13 BLK 5 SEC 23 21N 17W	$258.30	2023 & PRIOR
4691	R0124743	30410232	DUBERG FRANK H	WEST KINGMAN ADD LOTS 15 16 BLK 5 SEC 23 21N 17W	$286.35	2023 & PRIOR
4692	R0124778	30410239	AGUILAR JAMES J & FRANCES C CO-TRUSTEES
WEST KINGMAN ADD LOTS 35 & 36 BLK 5 SEC 23 21N 17	$33.16	2023
4693	R0124814	30410266	HARTMAN PHILLIP &	WEST KINGMAN ADD LOT 9 & 10 BLK 4 SEC 23 21N 17	$580.42	2023 & PRIOR
4694	R0124822	30410285	REYES FERDINAND & ARLENE	WEST KINGMAN ADD LOT 37 BLK 4 SEC 23 21N 17W	$108.20	2023 & PRIOR
4695	R0124854	30410299	FREDRICK STEVE H	WEST KINGMAN ADD LOT 39 BLK 4 SEC 23 21N 17W	$394.24	2023 & PRIOR
4696	R0124863	30410311	LOYOLA MARTHA J	WEST KINGMAN ADD BLK 4 LOT 24 SEC 23 21N 17W	$253.46	2023 & PRIOR
4697	R0124814	30410315	BAUER TAMARA R	WEST KINGMAN ADD LOT 11 BLK 4 SEC 23 21N 17W	$235.47	2023 & PRIOR
4698	R0124842	30410320	SMILEY ANNE	WEST KINGMAN ADD LOT 15 & 16 BLK 4 SEC 23 21N 17	$105.56	2023 & PRIOR
4699	R0124864	30410340	REYES FERDINAND & ARLENE	WEST KINGMAN ADD LOT 40 BLK 4 SEC 23 21N 17W	$382.12	2023 & PRIOR
4700	R0124864	30410342	GODSHAVE NOEL MW	WEST KINGMAN ADD LOTS 36 37 38 & 39 BLK 4 SEC 2	$421.28	2023 & PRIOR
4701	R0124863	30410345	OBERST EMILY W	WEST KINGMAN ADD LOT 45 BLK 4 SEC 23 21N 17W	$627.59	2023 & PRIOR
4702	R0124861	30410349	LIMPERG ROLAN & SHARON	WEST KINGMAN ADD LOT 1 BLK 1	$308.06	2023 & PRIOR
4703	R0124829	30410350	SANTUCCI ALPHONSE & MARIE TRUSTEES
SECTION 23 TOWNSHIP 21N RANGE 17W WEST KINGM	$336.86	2023 & PRIOR
4704	R0124848	30410361	CATO WILLIAM H & HELMA	WEST KINGMAN ADD LOT 13 BLK 1 SEC 23 21N 17W	$337.27	2023 & PRIOR
4705	R0124845	30410368	CATO WILLIAM H & HELMA	WEST KINGMAN ADD LOTS 21 22 23 BLK 1 SEC 23 21N	$712.25	2023 & PRIOR
4706	R0124804	30410369	BULLER BRENT ETAL	WEST KINGMAN ADD LOT 29 BLK 3 SEC 23 21N 17W	$348.60	2023 & PRIOR
4707	R0124851	30410372	REYES FERDINAND & ARLENE	WEST KINGMAN ADD BLK 3 LOT 30 SEC 23 21N 17W	$238.71	2023 & PRIOR
4708	R0126172	30410425	PEACH RICKEY W	WEST KINGMAN ADD LOTS 27 28 29 SEC 23 21N 17W	$298.80	2023 & PRIOR
4709	R0125948	30410428	VAN WOTMAN FREDERICK H C	WEST KINGMAN ADD LOTS 33 & 34 BLK 3 SEC 23 21N	$253.50	2023 & PRIOR
4710	R0125946	30410436	LOUGHLIN JOHN R TRUSTEE	WEST KINGMAN ADD RTN 179 BLK 4 SEC 23 21N 17W	$338.66	2023 & PRIOR
4711	R0125956	30410439	LOUGHLIN JOHN R TRUSTEE	WEST KINGMAN ADD RTN 179 BLK 3 SEC 23 21N 17W 2	$253.66	2023 & PRIOR
4712	R0125962	30410442	AMBERSON MARY C	WEST KINGMAN ADD LOT 23 BLK 2 SEC 23 21N 17W	$126.53	2023 & PRIOR
4713	R0125964	30410447	HART ELLEN FAYE	WEST KINGMAN ADD LOT 21 BLK 2 SEC 23 21N 17W	$250.01	2023 & PRIOR
4714	R0125966	30410458	ARROZA RAMONE ETAL JT	WEST KINGMAN ADD LOT 49 BLK 2 SEC 23 21N 17W	$1,119.41	2023 & PRIOR
4715	R0126014	30410471	ARROZA RAMONE ETAL JT	SECTION 23 TOWNSHIP 21N RANGE 17W WEST KINGM	$1,066.34	2023 & PRIOR
4716	R0126014	30410478	WC MANUS CHARLOTTE	WEST KINGMAN ADD LOT 27 & 28 BLK 2 SEC 23 21N	$105.00	2023 & PRIOR
4717	R0126016	30410485	OPPID PETER & SHEILA	WEST KINGMAN ADD LOT 26 BLK 2 SEC 23 21N 17W	$165.04	2023 & PRIOR
4718	R0126018	30410493	BEACHUM FLAVENIL & MARY A	WEST KINGMAN ADD BLK 2 LOT 30	$188.53	2023 & PRIOR
4719	R0126034	30410512	RASE KENNETH	WEST KINGMAN ADD LOT 25 BLK 1 SEC 23 21N 17W	$311.31	2023 & PRIOR
4720	R0126036	30410515	PARKER STEVE JT JO	SECTION 23 TOWNSHIP 21N RANGE 17W WEST KINGM	$64.76	2023 & PRIOR
4721	R0126038	30410519	LBR INVESTMENTS INC	SECTION 23 TOWNSHIP 21N RANGE 17W WEST KINGM	$517.54	2023 & PRIOR
4722	R0126042	30410521	LBR INVESTMENTS INC	SECTION 23 TOWNSHIP 21N RANGE 17W WEST KINGM	$588.11	2023 & PRIOR
4723	R0126219	30410522	FERREIRA DAVID & PALY JT	SECTION 23 TOWNSHIP 21N RANGE 17W WEST KINGM	$162.46	2023 & PRIOR
4724	R0126220	30410525	KRAFT PATRICIA ANN	WEST KINGMAN ADD LOTS 34 & 35 BLK 4 SEC 23 21N 17	$546.37	2023 & PRIOR
4725	R0126224	30410533	SOLTZ JONIN & M H JT	WEST KINGMAN ADD LOT 43 BLK 4 SEC 23 21N 17W	$59.36	2023 & PRIOR
4726	R0126226	30410537	KARNALIYAK RY AZ	WEST KINGMAN ADD LOTS 21 & 22 BLK 4 SEC 23 21N 17	$69.96	2023 & PRIOR
4727	R0126229	30410539	LOCDOC ANGELINA TRUSTEE	WEST KINGMAN ADD LOT 15 & 16 BLK 4 SEC 23 21N 17	$116.82	2023 & PRIOR
4728	R0126232	30410541	MOTAL LEGAL MARGUERITE	WEST KINGMAN ADD LOTS 30 31 BLK 4 SEC 23 21N	$168.43	2023 & PRIOR
4729	R0126237	30410546	GUZMAN GIOVANNI M EST OF ETAL	SECTION 23 TOWNSHIP 21N RANGE 17W WEST KINGM	$1,105.54	2023 & PRIOR
4730	R0126240	30410548	HOLLAND DONNA J H	SECTION 23 TOWNSHIP 21N RANGE 17W WEST KINGM	$113.63	2023 & PRIOR
4731	R0126245	30410551	WALLACE H E	SECTION 23 TOWNSHIP 21N RANGE 17W CIMMARTIN	$1,090.77	2023 & PRIOR
4732	R0126259	30410609	SHERMAN P NICK & MERA ZONA	SECTION 23 TOWNSHIP 21N RANGE 17W HOLLYWOOD	$328.06	2023 & PRIOR
4733	R0126265	30410612	SORRELLS CHARLES J CO-TRUSTEE ETAL
SECTION 23 TOWNSHIP 21N RANGE 17W HOLLYWOOD	$398.36	2023 & PRIOR
4734	R0126310	30410618	PESSLIE C & L	SECTION 24 TOWNSHIP 21N RANGE 17W HOLLYWOOD	$863.20	2023 & PRIOR
4735	R0126099	30416080	SMITH THOMAS W & DEBRA S TRUSTEES
SECTION 24 TOWNSHIP 21N RANGE 17W CITY PARK	$42.71	2023
4736	R0126111	30416111	HAYLEY DEBRA BERNICE	SECTION 24 TOWNSHIP 21N RANGE 17W KINGMAN CO	$46.31	2023
4737	R0126125	30416113	HAYLEY DEBRA BERNICE	SECTION 24 TOWNSHIP 21N RANGE 17W KINGMAN CO	$33.09	2023
4738	R0126140	30416122	LEEDOM RICHARD & MARY TRUSTEES SECTION 24 TOWNSHIP 21N RANGE 17W KINGMAN CO	$360.02	2023 & PRIOR
4739	R0126145	30416125	LEEDOM RICHARD & MARY TRUSTEES SECTION 24 TOWNSHIP 21N RANGE 17W KINGMAN CO	$381.64	2023 & PRIOR
4740	R0126148	30416146	KAEKAZYZ GARY LELAND	SECTION 24 TOWNSHIP 21N RANGE 17W KINGMAN CO	$1,154.15	2023 & PRIOR
4741	R0126156	30416153	MATL ARB	SECTION 24 TOWNSHIP 21N RANGE 17W KINGMAN CO	$1,154.15	2023 & PRIOR
4742	R0126165	30416158	BLANCHARD JAMES D &	SECTION 24 TOWNSHIP 21N RANGE 17W KINGMAN CO	$39.71	2023 & PRIOR
4743	R0126176	30416166	COMMANE RONALD LEOPOLD	SECTION 24 TOWNSHIP 21N RANGE 17W KINGMAN CO	$385.99	2023 & PRIOR
4744	R0126185	30416169	COMMANE RONALD LEOPOLD	SECTION 24 TOWNSHIP 21N RANGE 17W KINGMAN CO	$391.13	2023 & PRIOR
4745	R0126257	30416175	LAND HARVESTOR INC	SECTION 24 TOWNSHIP 21N RANGE 17W KINGMAN CO	$1,086.16	2023 & PRIOR
4746	R0126307	30416178	ALVAREZ FRANKLIN R	SECTION 24 TOWNSHIP 21N RANGE 17W KINGMAN CO	$33.69	2023
4747	R0126312	30416180	ANDERSON KEN	SECTION 24 TOWNSHIP 21N RANGE 17W KINGMAN CO	$298.75	2023 & PRIOR
4748	R0126320	30416174	SAUER WYDEAN JANE	SECTION 24 TOWNSHIP 21N RANGE 17W KINGMAN CO	$598.70	2023 & PRIOR
4749	R0126327	30416178	CITY OF KINGMAN REALTY ASSOC	SECTION 24 TOWNSHIP 21N RANGE 17W KINGMAN CO	$458.47	2023 & PRIOR
4750	R0126335	30416180	JACOBSON RAYMOND E & HELEN JT SECTION 24 TOWNSHIP 21N RANGE 17W KINGMAN CO	$326.77	2023 & PRIOR
4751	R0126348	30416184	WILLIAMS JO W	SECTION 24 TOWNSHIP 21N RANGE 17W KINGMAN CO	$393.17	2023 & PRIOR
4752	R0126353	30416186	MAGEE SHEILA TRUSTEE	SECTION 24 TOWNSHIP 21N RANGE 17W KINGMAN CO	$389.86	2023 & PRIOR
4753	R0126380	30416040	STANDER LLOYD & MILDRED W TRUSTEES
SECTION 24 TOWNSHIP 21N RANGE 17W GOLDEN GAE	$166.50	2023 & PRIOR
4754	R0126472	30417003	CUNNINGHAM DOUGLAS W	SECTION 24 TOWNSHIP 21N RANGE 17W GOLDEN GAE	$603.79	2023 & PRIOR
4755	R0126504	30417066	WSAK PERRY M	SECTION 24 TOWNSHIP 21N RANGE 17W GOLDEN GAE	$182.32	2023 & PRIOR
4756	R0126504	30417078	WSAK W PERRY	SECTION 24 TOWNSHIP 21N RANGE 17W GOLDEN GAE	$1,001.28	2023 & PRIOR
4757	R0126513	30417087	CROLE ELIZABETH	SECTION 24 TOWNSHIP 21N RANGE 17W GOLDEN GAE	$33.69	2023
4758	R0126518	30417128	EDMONDSON ROBERT EARL	SECTION 24 TOWNSHIP 21N RANGE 17W GOLDEN GAE	$185.62	2023 & PRIOR
4759	R0126522	30417130	ROSA RONALD & JUANA	SECTION 24 TOWNSHIP 21N RANGE 17W GOLDEN GAE	$88.90	2023 & PRIOR
4760	R0126540	30417137	MOTA ADELA	SECTION 24 TOWNSHIP 21N RANGE 17W GOLDEN GAE	$449.88	2023 & PRIOR
4761	R0126544	30417152	BARRIOS OSCAR & MONICA	SECTION 24 TOWNSHIP 21N RANGE 17W GOLDEN GAE	$106.31	2023 & PRIOR
4762	R0126568	30417156	TRUEBLOOD JAMES	SECTION 24 TOWNSHIP 21N RANGE 17W GOLDEN GAE	$46.13	2023 & PRIOR
4763	R0126574	30417158	ZABALA YANELLA	SECTION 24 TOWNSHIP 21N RANGE 17W GOLDEN GAE	$104.88	2023 & PRIOR
4764	R0126580	30417162	THORN VIRGINIA MANIFEST	SECTION 24 TOWNSHIP 21N RANGE 17W GOLDEN GAE	$143.69	2023 & PRIOR
4765	R0126584	30417167	HANSON GWENDOLYN	SECTION 24 TOWNSHIP 21N RANGE 17W GOLDEN GAE	$115.61	2023 & PRIOR
4766	R0126591	30417187	MATHESON BRIAN	SECTION 24 TOWNSHIP 21N RANGE 17W GOLDEN GAE	$104.29	2023 & PRIOR
4767	R0126597	30417190	PEREA RAUL	SECTION 24 TOWNSHIP 21N RANGE 17W GOLDEN GAE	$118.40	2023 & PRIOR
4768	R0126611	30417199	EASLE WALLACE R Y TRUSTEES	SECTION 24 TOWNSHIP 21N RANGE 17W GOLDEN GAE	$130.52	2023 & PRIOR
4769	R0126619	30417205	SIELN SALL & ARLINE	SECTION 24 TOWNSHIP 21N RANGE 17W GOLDEN GAE	$330.09	2023 & PRIOR
4770	R0126627	30417211	KINGMAN PARTNERS LTD	SECTION 24 TOWNSHIP 21N RANGE 17W GOLDEN GAE	$1,333.50	2023 & PRIOR
4771	R0126640	30417219	DAVIS RITA	SECTION 24 TOWNSHIP 21N RANGE 17W HODGES SUB	$213.49	2023 & PRIOR
4772	R0126648	30417223	ELLER RAE ELLE	SECTION 24 TOWNSHIP 21N RANGE 17W HODGES SUB	$57.96	2023 & PRIOR
4773	R0126655	30417228	VANOVICH STEPHAN	SECTION 24 TOWNSHIP 21N RANGE 17W HODGES SUB	$36.97	2023
4774	R0126663	30417231	BYBEE LOY &	SECTION 24 TOWNSHIP 21N RANGE 17W HODGES SUB	$33.69	2023
4775	R0126670	30417236	ARCENAS CATHRYN	SECTION 24 TOWNSHIP 21N RANGE 17W HODGES SUB	$38.17	2023
4776	R0126678	30417240	SHEPHERD ROBERT	SECTION 24 TOWNSHIP 21N RANGE 17W HODGES SUB	$166.87	2023 & PRIOR
4777	R0126682	30417245	RIDDING MICHAEL & KAY E JT	SECTION 24 TOWNSHIP 21N RANGE 17W HODGES SUB	$1,572.28	2023 & PRIOR
4778	R0126689	30417249	ASHBY CLAIRE ANN	RIATA VALLEY ESTATES UNIT 12 PT OF 12 SEC 16 21N	$212.81	2023 & PRIOR
4779	R0126695	30417253	VINCENT JEFFERY L & BELLE A JT	SECTION 24 TOWNSHIP 21N RANGE 17W HODGES SUB	$32.70	2023
4780	R0126701	30417258	ROBERTSON MARK S & REBECCA JT SECTION 24 TOWNSHIP 21N RANGE 17W TRACT 11C	$173.22	2023 & PRIOR
4781	R0126708	30417262	PELLIN BENJAMIN	SECTION 24 TOWNSHIP 21N RANGE 17W TRACT 11C	$39.36	2023
4782	R0126714	30417266	CAI REALTY LLC	SECTION 24 TOWNSHIP 21N RANGE 17W HODGES SUB	$1,213.83	2023 & PRIOR
4783	R0126720	30417271	SAUNDERS JOHN M	SECTION 24 TOWNSHIP 21N RANGE 17W HODGES SUB	$361.32	2023 & PRIOR
4784	R0126727	30417275	CAI REALTY LLC	SECTION 24 TOWNSHIP 21N RANGE 17W HODGES SUB	$381.32	2023 & PRIOR
4785	R0126733	30417279	CAI REALTY LLC	SECTION 24 TOWNSHIP 21N RANGE 17W HODGES SUB	$413.18	2023 & PRIOR
4786	R0126740	30417284	CAI REALTY LLC	SECTION 24 TOWNSHIP 21N RANGE 17W HODGES SUB	$413.18	2023 & PRIOR
4787	R0126746	30417288	CAI REALTY LLC	SECTION 24 TOWNSHIP 21N RANGE 17W HODGES SUB	$413.18	2023 & PRIOR
4788	R0126752	30417292	CAI REALTY LLC	SECTION 24 TOWNSHIP 21N RANGE 17W HODGES SUB	$413.18	2023 & PRIOR
4789	R0126759	30417297	CAI REALTY LLC	SECTION 24 TOWNSHIP 21N RANGE 17W HODGES SUB	$390.22	2023 & PRIOR
